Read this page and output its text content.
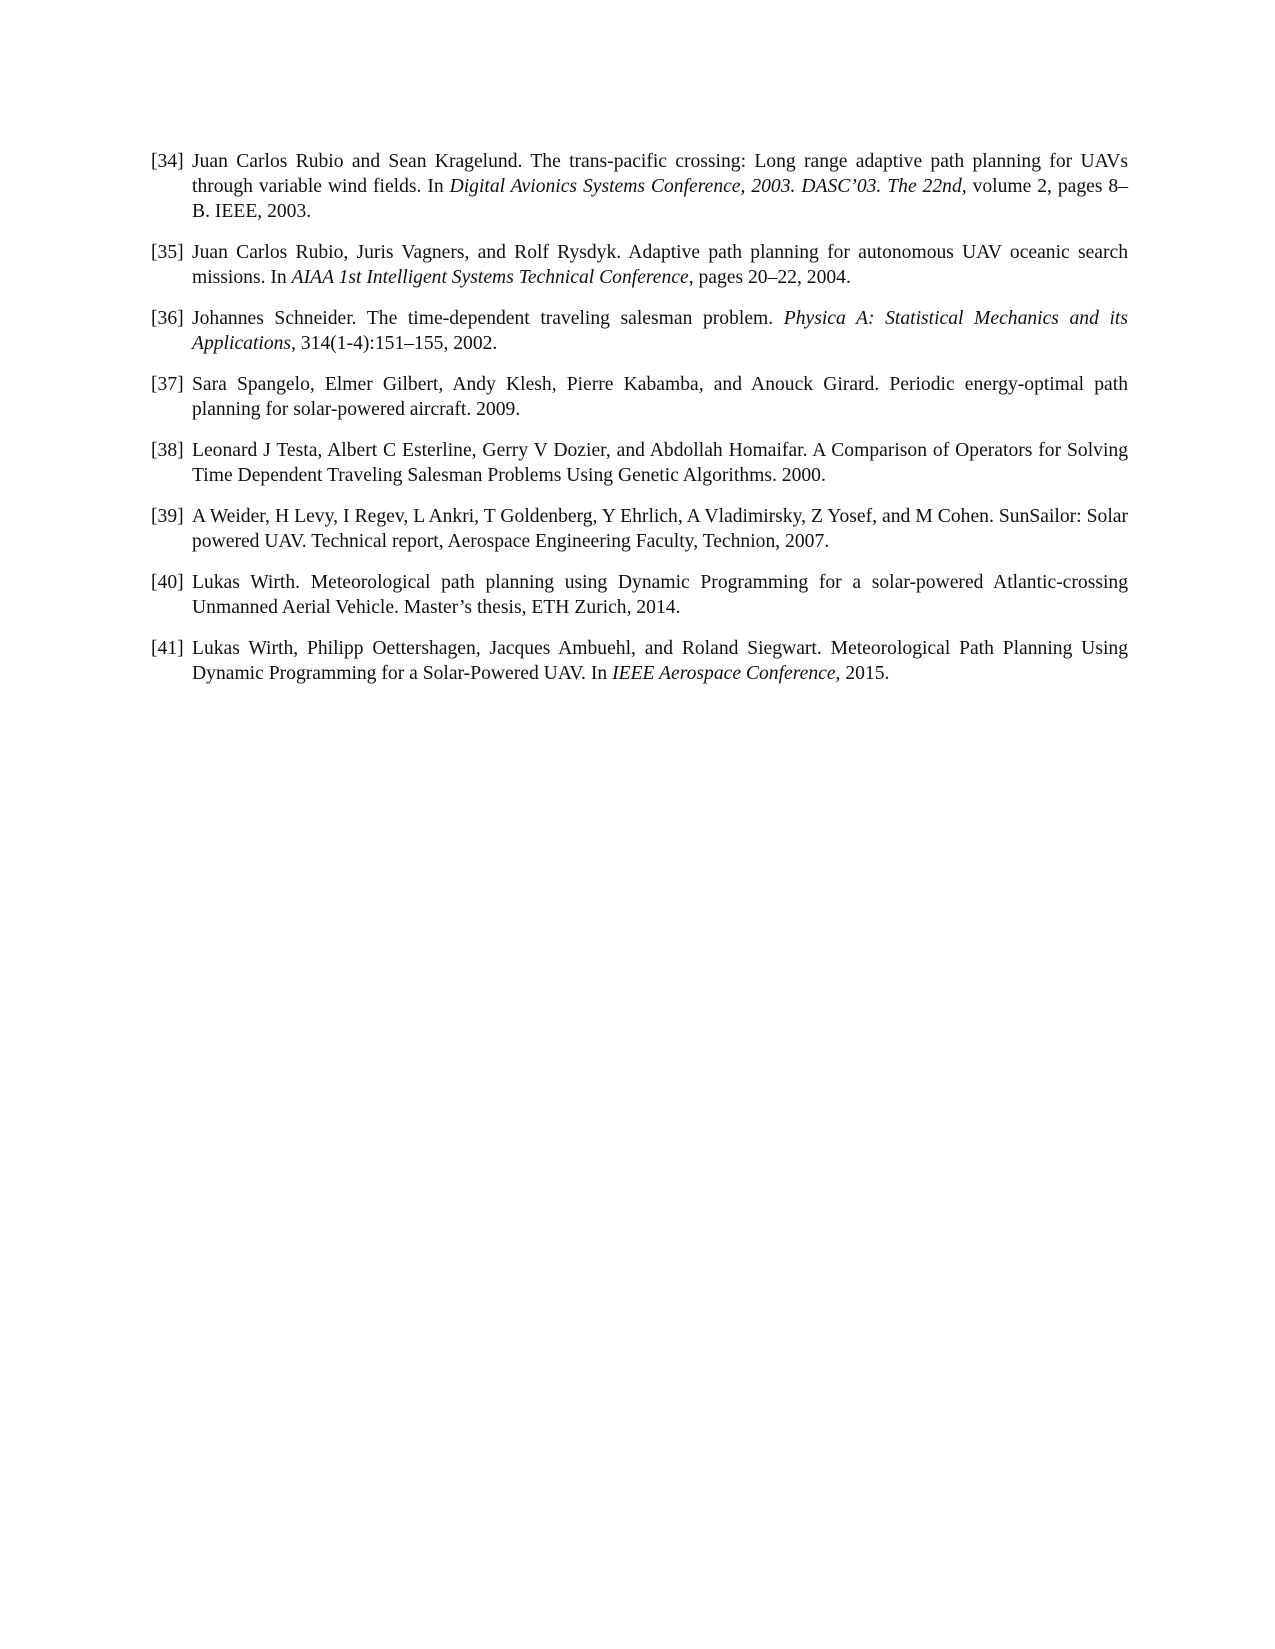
[34] Juan Carlos Rubio and Sean Kragelund. The trans-pacific crossing: Long range adaptive path planning for UAVs through variable wind fields. In Digital Avionics Systems Conference, 2003. DASC’03. The 22nd, volume 2, pages 8–B. IEEE, 2003.
[35] Juan Carlos Rubio, Juris Vagners, and Rolf Rysdyk. Adaptive path planning for autonomous UAV oceanic search missions. In AIAA 1st Intelligent Systems Technical Conference, pages 20–22, 2004.
[36] Johannes Schneider. The time-dependent traveling salesman problem. Physica A: Statistical Mechanics and its Applications, 314(1-4):151–155, 2002.
[37] Sara Spangelo, Elmer Gilbert, Andy Klesh, Pierre Kabamba, and Anouck Girard. Periodic energy-optimal path planning for solar-powered aircraft. 2009.
[38] Leonard J Testa, Albert C Esterline, Gerry V Dozier, and Abdollah Homaifar. A Comparison of Operators for Solving Time Dependent Traveling Salesman Problems Using Genetic Algorithms. 2000.
[39] A Weider, H Levy, I Regev, L Ankri, T Goldenberg, Y Ehrlich, A Vladimirsky, Z Yosef, and M Cohen. SunSailor: Solar powered UAV. Technical report, Aerospace Engineering Faculty, Technion, 2007.
[40] Lukas Wirth. Meteorological path planning using Dynamic Programming for a solar-powered Atlantic-crossing Unmanned Aerial Vehicle. Master’s thesis, ETH Zurich, 2014.
[41] Lukas Wirth, Philipp Oettershagen, Jacques Ambuehl, and Roland Siegwart. Meteorological Path Planning Using Dynamic Programming for a Solar-Powered UAV. In IEEE Aerospace Conference, 2015.
